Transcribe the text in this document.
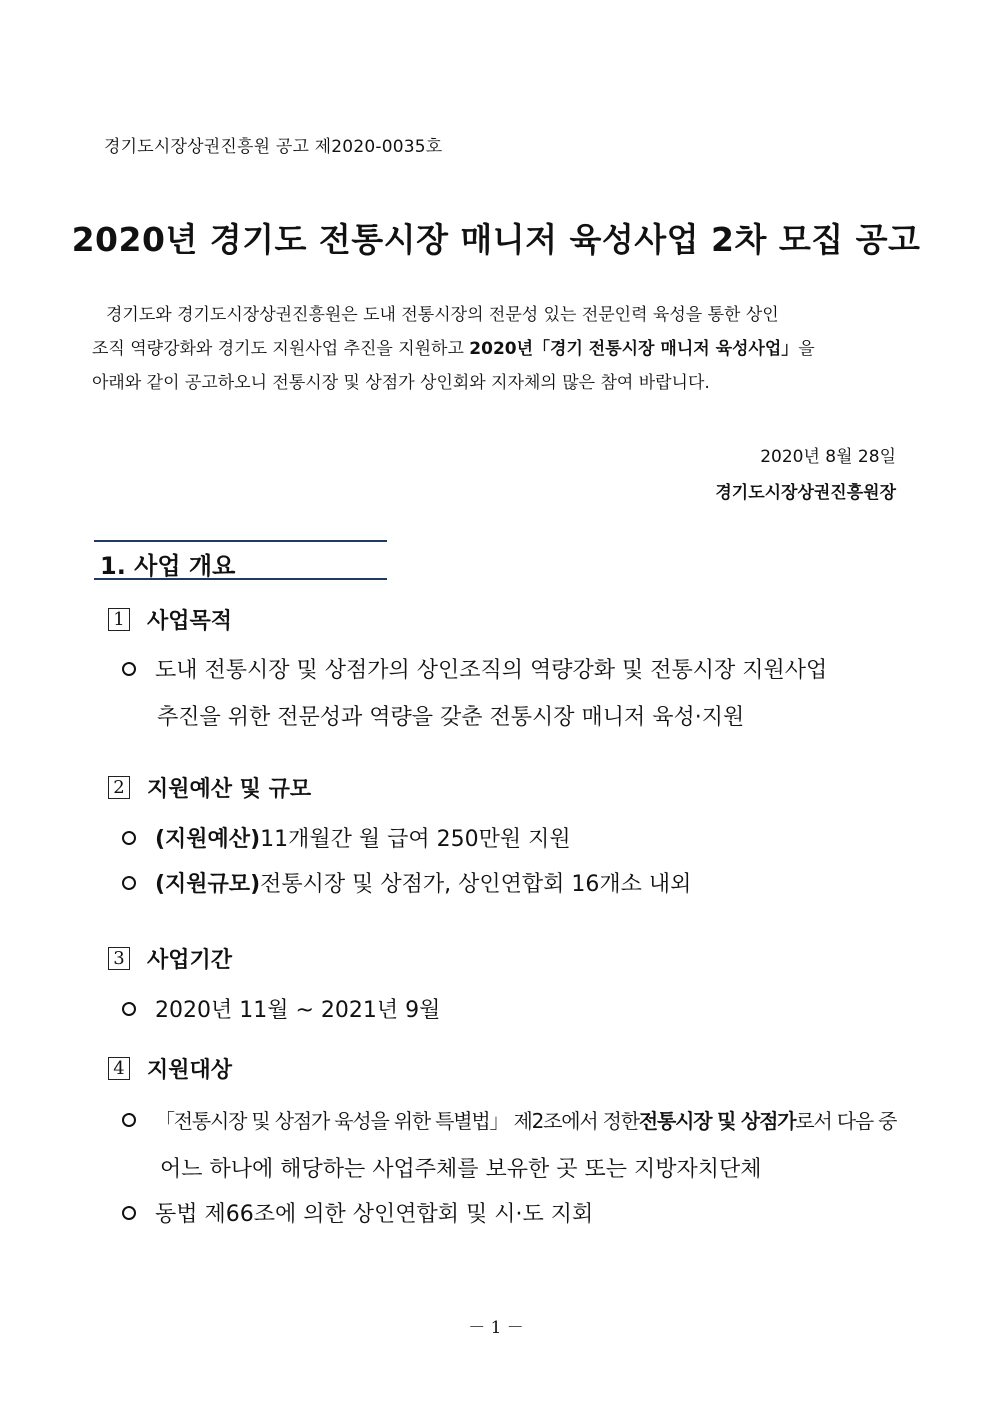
경기도시장상권진흥원 공고 제2020-0035호
2020년 경기도 전통시장 매니저 육성사업 2차 모집 공고
경기도와 경기도시장상권진흥원은 도내 전통시장의 전문성 있는 전문인력 육성을 통한 상인
조직 역량강화와 경기도 지원사업 추진을 지원하고 2020년「경기 전통시장 매니저 육성사업」을
아래와 같이 공고하오니 전통시장 및 상점가 상인회와 지자체의 많은 참여 바랍니다.
2020년 8월 28일
경기도시장상권진흥원장
1. 사업 개요
1 사업목적
도내 전통시장 및 상점가의 상인조직의 역량강화 및 전통시장 지원사업
추진을 위한 전문성과 역량을 갖춘 전통시장 매니저 육성·지원
2 지원예산 및 규모
(지원예산) 11개월간 월 급여 250만원 지원
(지원규모) 전통시장 및 상점가, 상인연합회 16개소 내외
3 사업기간
2020년 11월 ~ 2021년 9월
4 지원대상
「전통시장 및 상점가 육성을 위한 특별법」 제2조에서 정한 전통시장 및 상점가 로서 다음 중
어느 하나에 해당하는 사업주체를 보유한 곳 또는 지방자치단체
동법 제66조에 의한 상인연합회 및 시·도 지회
－ 1 －
